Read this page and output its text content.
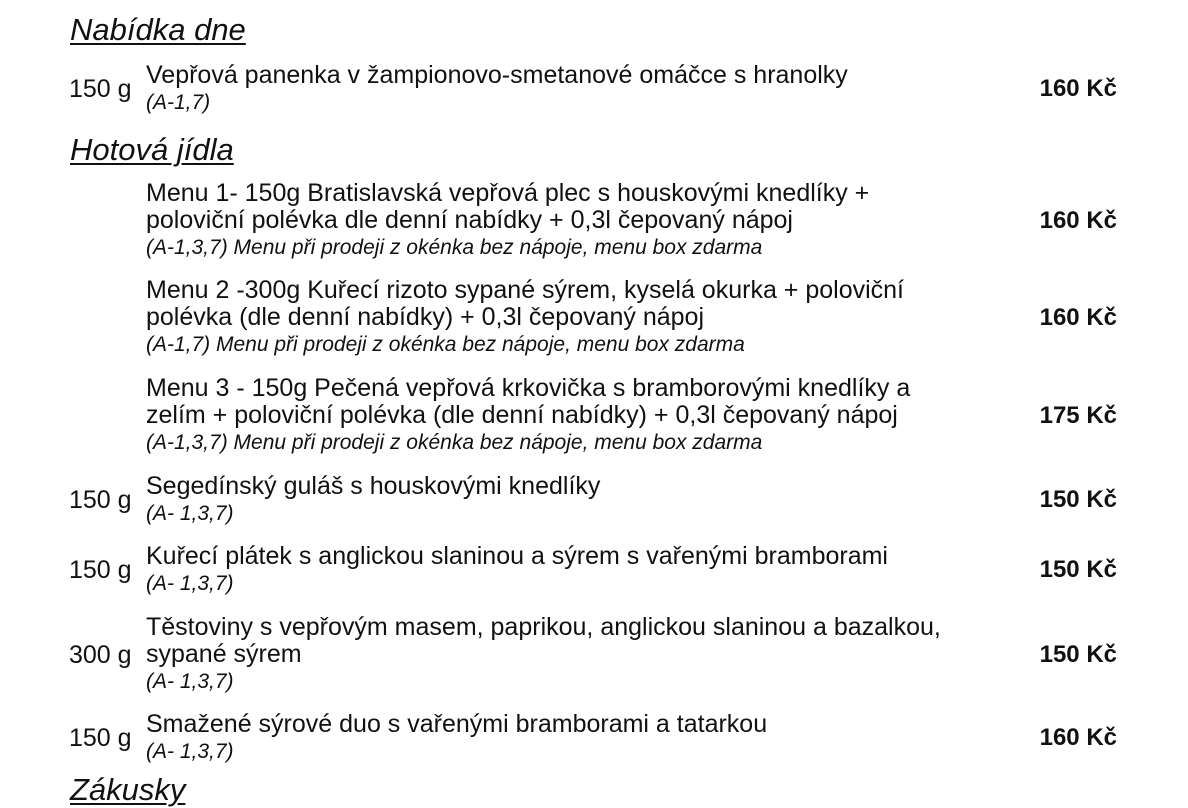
Nabídka dne
150 g Vepřová panenka v žampionovo-smetanové omáčce s hranolky
(A-1,7)
160 Kč
Hotová jídla
Menu 1- 150g Bratislavská vepřová plec s houskovými knedlíky +
poloviční polévka dle denní nabídky + 0,3l čepovaný nápoj
(A-1,3,7) Menu při prodeji z okénka bez nápoje, menu box zdarma
160 Kč
Menu 2 -300g Kuřecí rizoto sypané sýrem, kyselá okurka + poloviční
polévka (dle denní nabídky) + 0,3l čepovaný nápoj
(A-1,7) Menu při prodeji z okénka bez nápoje, menu box zdarma
160 Kč
Menu 3 - 150g Pečená vepřová krkovička s bramborovými knedlíky a
zelím + poloviční polévka (dle denní nabídky) + 0,3l čepovaný nápoj
(A-1,3,7) Menu při prodeji z okénka bez nápoje, menu box zdarma
175 Kč
150 g Segedínský guláš s houskovými knedlíky
(A- 1,3,7)
150 Kč
150 g Kuřecí plátek s anglickou slaninou a sýrem s vařenými bramborami
(A- 1,3,7)
150 Kč
300 g
Těstoviny s vepřovým masem, paprikou, anglickou slaninou a bazalkou,
sypané sýrem
(A- 1,3,7)
150 Kč
150 g Smažené sýrové duo s vařenými bramborami a tatarkou
(A- 1,3,7)
160 Kč
Zákusky
